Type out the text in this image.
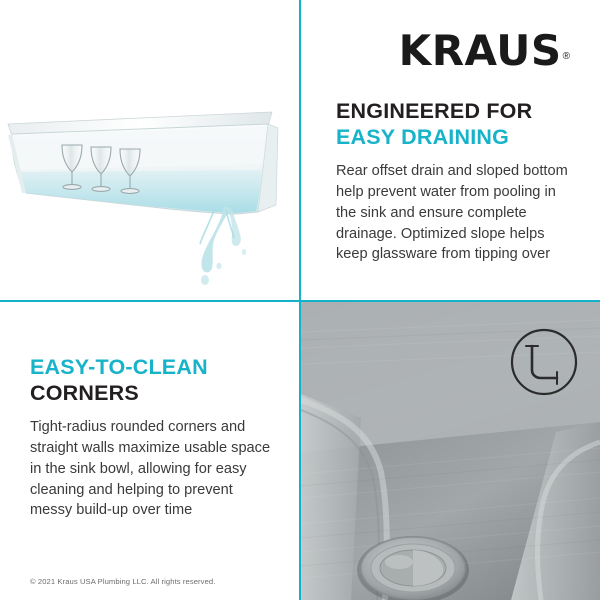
KRAUS®
ENGINEERED FOR
EASY DRAINING

Rear offset drain and sloped bottom help prevent water from pooling in the sink and ensure complete drainage. Optimized slope helps keep glassware from tipping over

EASY-TO-CLEAN
CORNERS

Tight-radius rounded corners and straight walls maximize usable space in the sink bowl, allowing for easy cleaning and helping to prevent messy build-up over time

© 2021 Kraus USA Plumbing LLC. All rights reserved.
